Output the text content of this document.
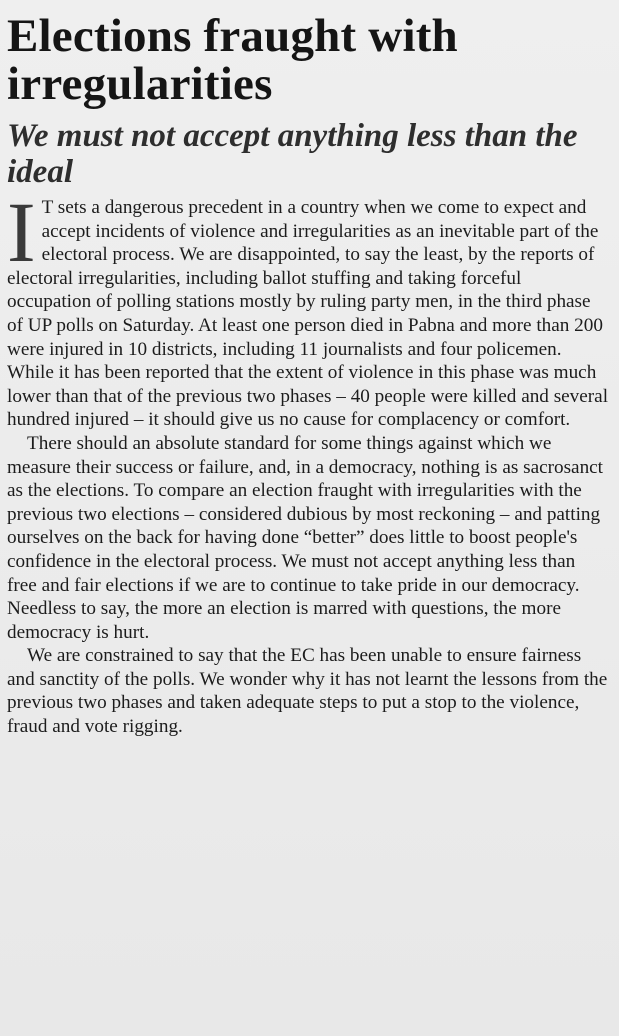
Elections fraught with irregularities
We must not accept anything less than the ideal

I T sets a dangerous precedent in a country when we come to expect and accept incidents of violence and irregularities as an inevitable part of the electoral process. We are disappointed, to say the least, by the reports of electoral irregularities, including ballot stuffing and taking forceful occupation of polling stations mostly by ruling party men, in the third phase of UP polls on Saturday. At least one person died in Pabna and more than 200 were injured in 10 districts, including 11 journalists and four policemen. While it has been reported that the extent of violence in this phase was much lower than that of the previous two phases – 40 people were killed and several hundred injured – it should give us no cause for complacency or comfort.

There should an absolute standard for some things against which we measure their success or failure, and, in a democracy, nothing is as sacrosanct as the elections. To compare an election fraught with irregularities with the previous two elections – considered dubious by most reckoning – and patting ourselves on the back for having done “better” does little to boost people's confidence in the electoral process. We must not accept anything less than free and fair elections if we are to continue to take pride in our democracy. Needless to say, the more an election is marred with questions, the more democracy is hurt.

We are constrained to say that the EC has been unable to ensure fairness and sanctity of the polls. We wonder why it has not learnt the lessons from the previous two phases and taken adequate steps to put a stop to the violence, fraud and vote rigging.
